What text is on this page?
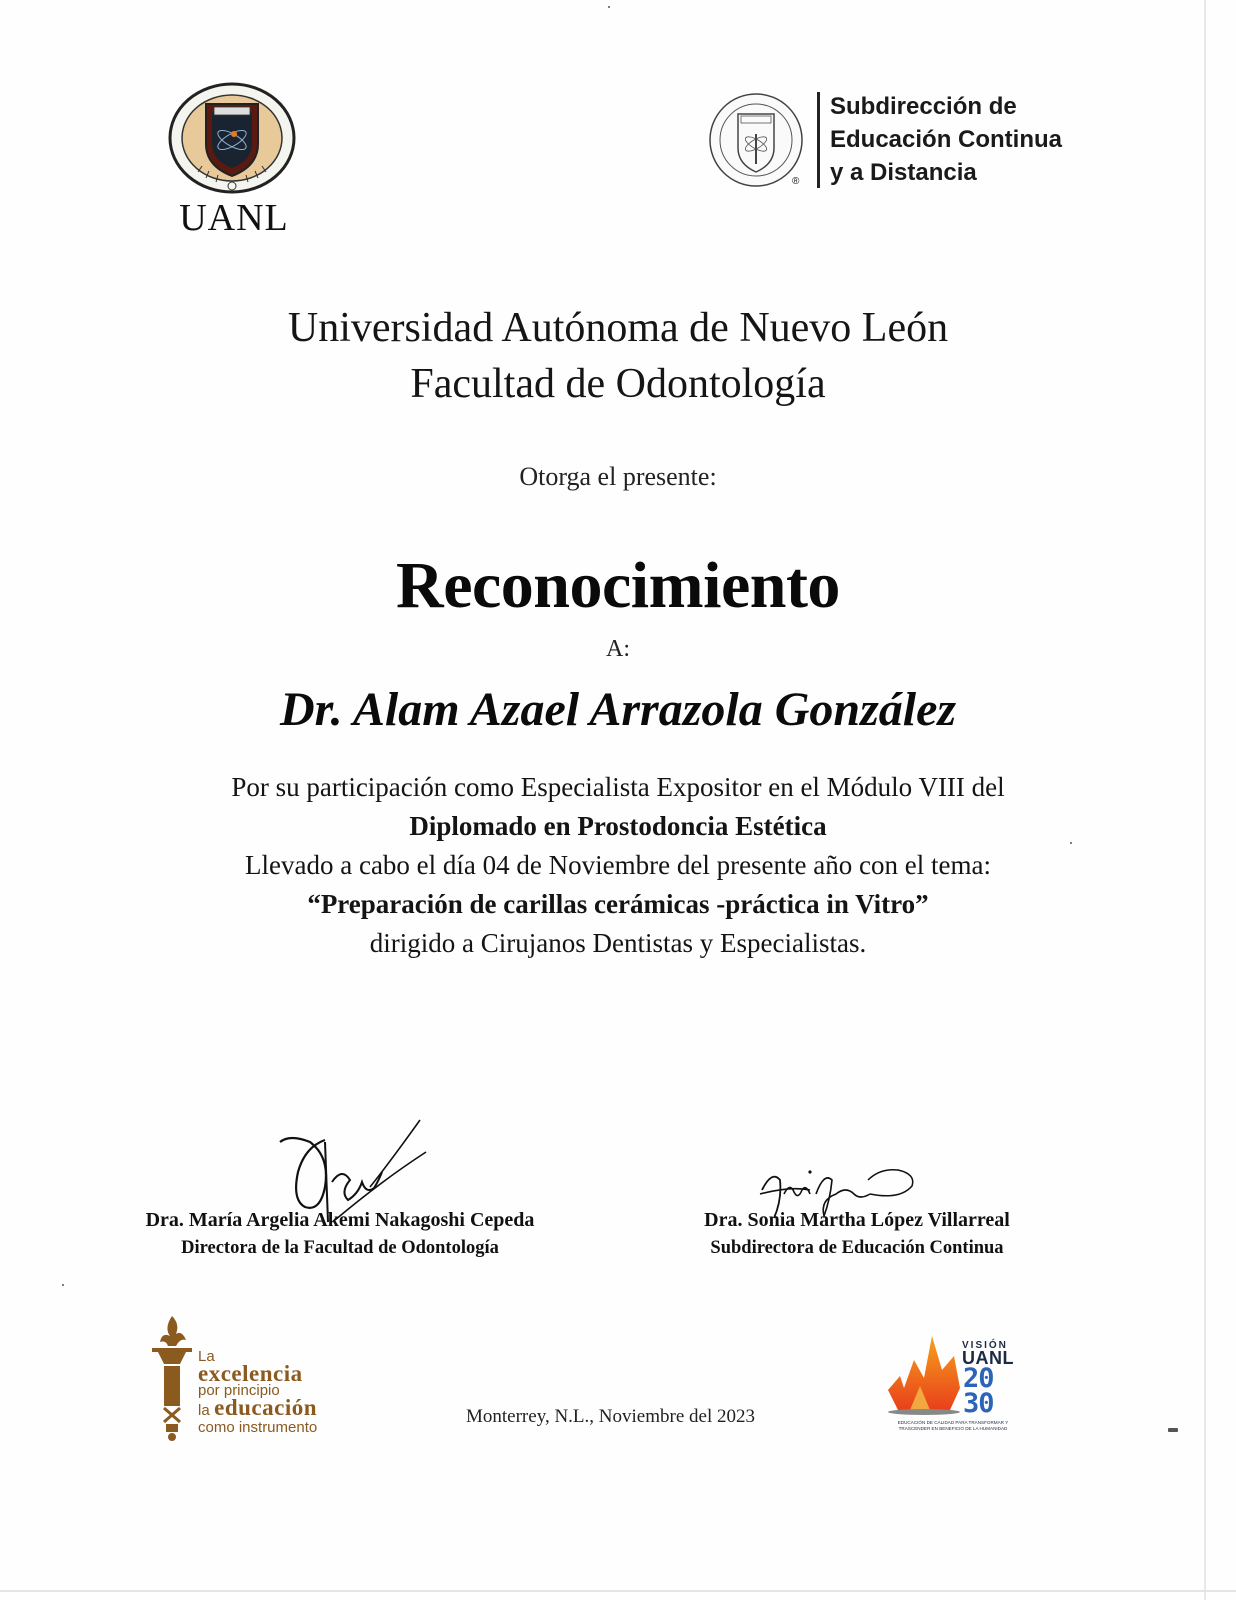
UANL
®
Subdirección de
Educación Continua
y a Distancia
Universidad Autónoma de Nuevo León
Facultad de Odontología
Otorga el presente:
Reconocimiento
A:
Dr. Alam Azael Arrazola González
Por su participación como Especialista Expositor en el Módulo VIII del
Diplomado en Prostodoncia Estética
Llevado a cabo el día 04 de Noviembre del presente año con el tema:
“Preparación de carillas cerámicas -práctica in Vitro”
dirigido a Cirujanos Dentistas y Especialistas.
Dra. María Argelia Akemi Nakagoshi Cepeda
Directora de la Facultad de Odontología
Dra. Sonia Martha López Villarreal
Subdirectora de Educación Continua
La
excelencia
por principio
la educación
como instrumento
Monterrey, N.L., Noviembre del 2023
VISIÓN
UANL
20
30
EDUCACIÓN DE CALIDAD PARA TRANSFORMAR Y TRASCENDER EN BENEFICIO DE LA HUMANIDAD
